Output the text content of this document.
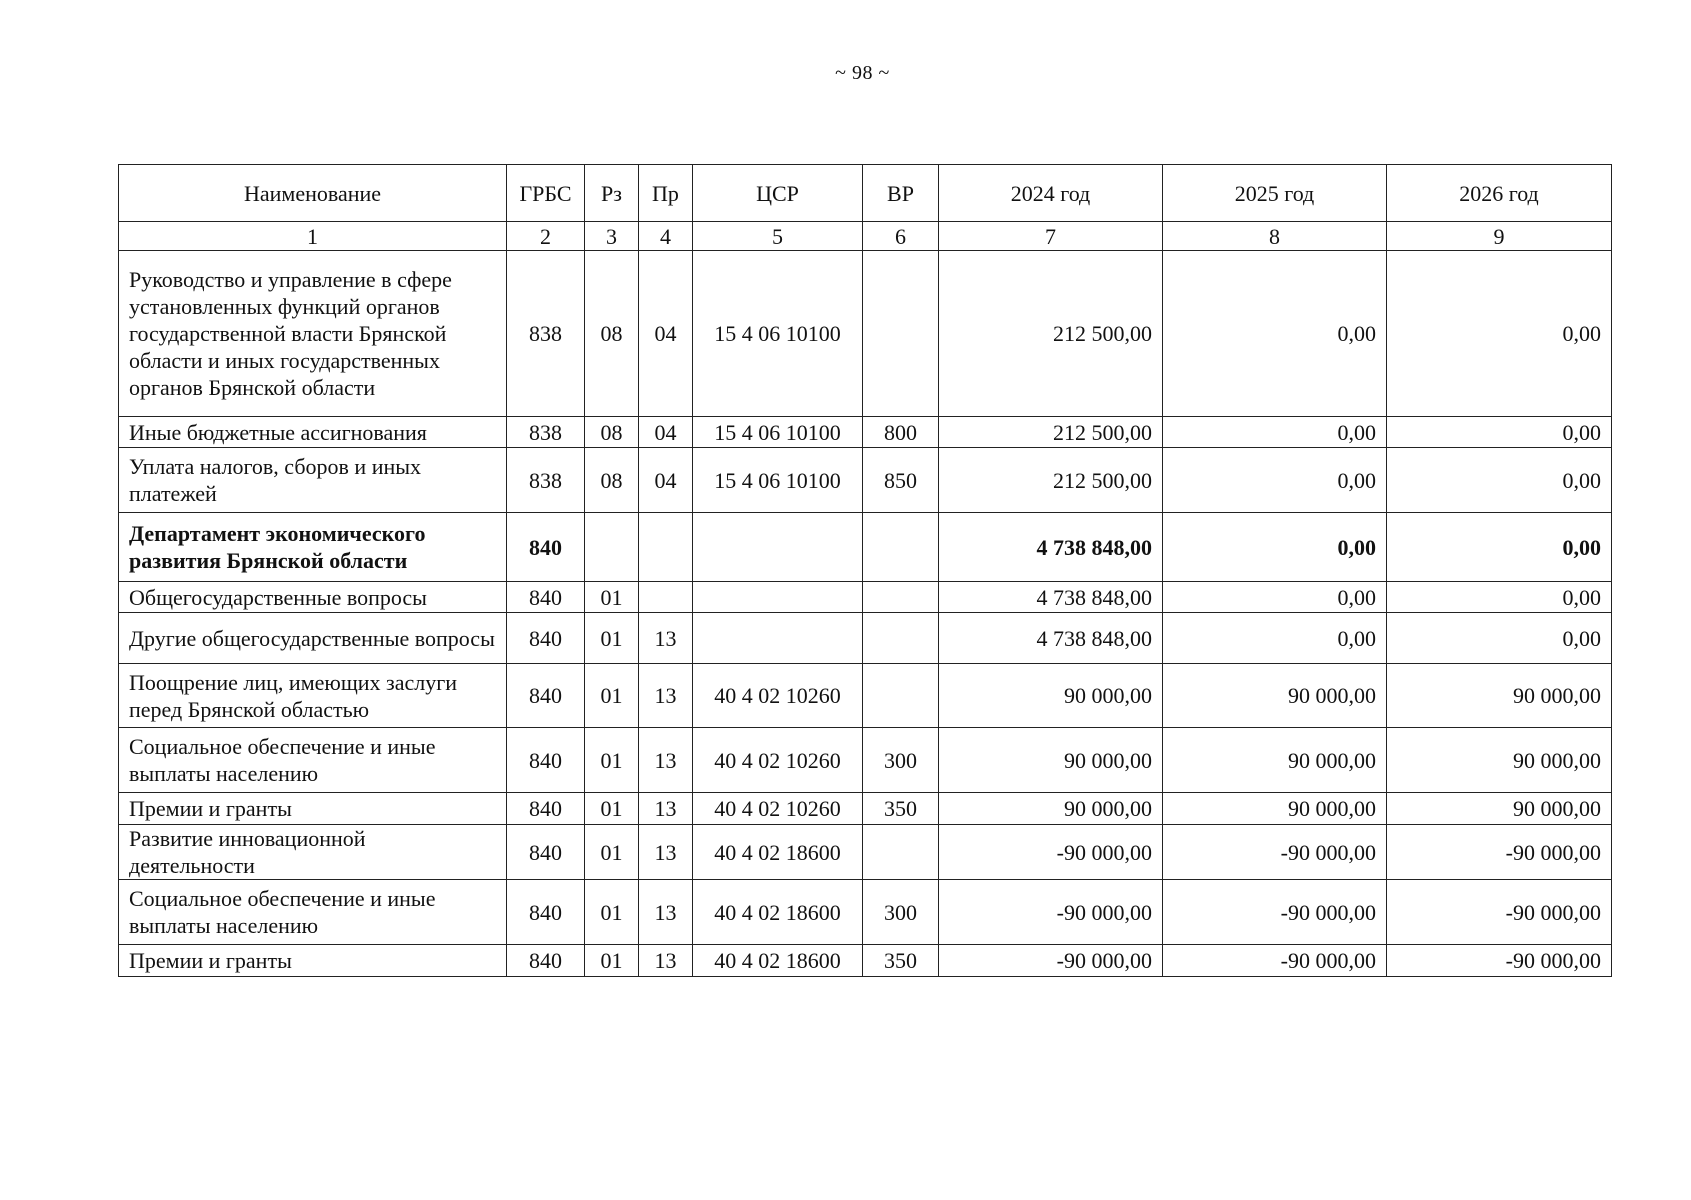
~ 98 ~
Наименование	ГРБС	Рз	Пр	ЦСР	ВР	2024 год	2025 год	2026 год
1	2	3	4	5	6	7	8	9
Руководство и управление в сфере установленных функций органов государственной власти Брянской области и иных государственных органов Брянской области	838	08	04	15 4 06 10100		212 500,00	0,00	0,00
Иные бюджетные ассигнования	838	08	04	15 4 06 10100	800	212 500,00	0,00	0,00
Уплата налогов, сборов и иных платежей	838	08	04	15 4 06 10100	850	212 500,00	0,00	0,00
Департамент экономического развития Брянской области	840					4 738 848,00	0,00	0,00
Общегосударственные вопросы	840	01				4 738 848,00	0,00	0,00
Другие общегосударственные вопросы	840	01	13			4 738 848,00	0,00	0,00
Поощрение лиц, имеющих заслуги перед Брянской областью	840	01	13	40 4 02 10260		90 000,00	90 000,00	90 000,00
Социальное обеспечение и иные выплаты населению	840	01	13	40 4 02 10260	300	90 000,00	90 000,00	90 000,00
Премии и гранты	840	01	13	40 4 02 10260	350	90 000,00	90 000,00	90 000,00
Развитие инновационной деятельности	840	01	13	40 4 02 18600		-90 000,00	-90 000,00	-90 000,00
Социальное обеспечение и иные выплаты населению	840	01	13	40 4 02 18600	300	-90 000,00	-90 000,00	-90 000,00
Премии и гранты	840	01	13	40 4 02 18600	350	-90 000,00	-90 000,00	-90 000,00
